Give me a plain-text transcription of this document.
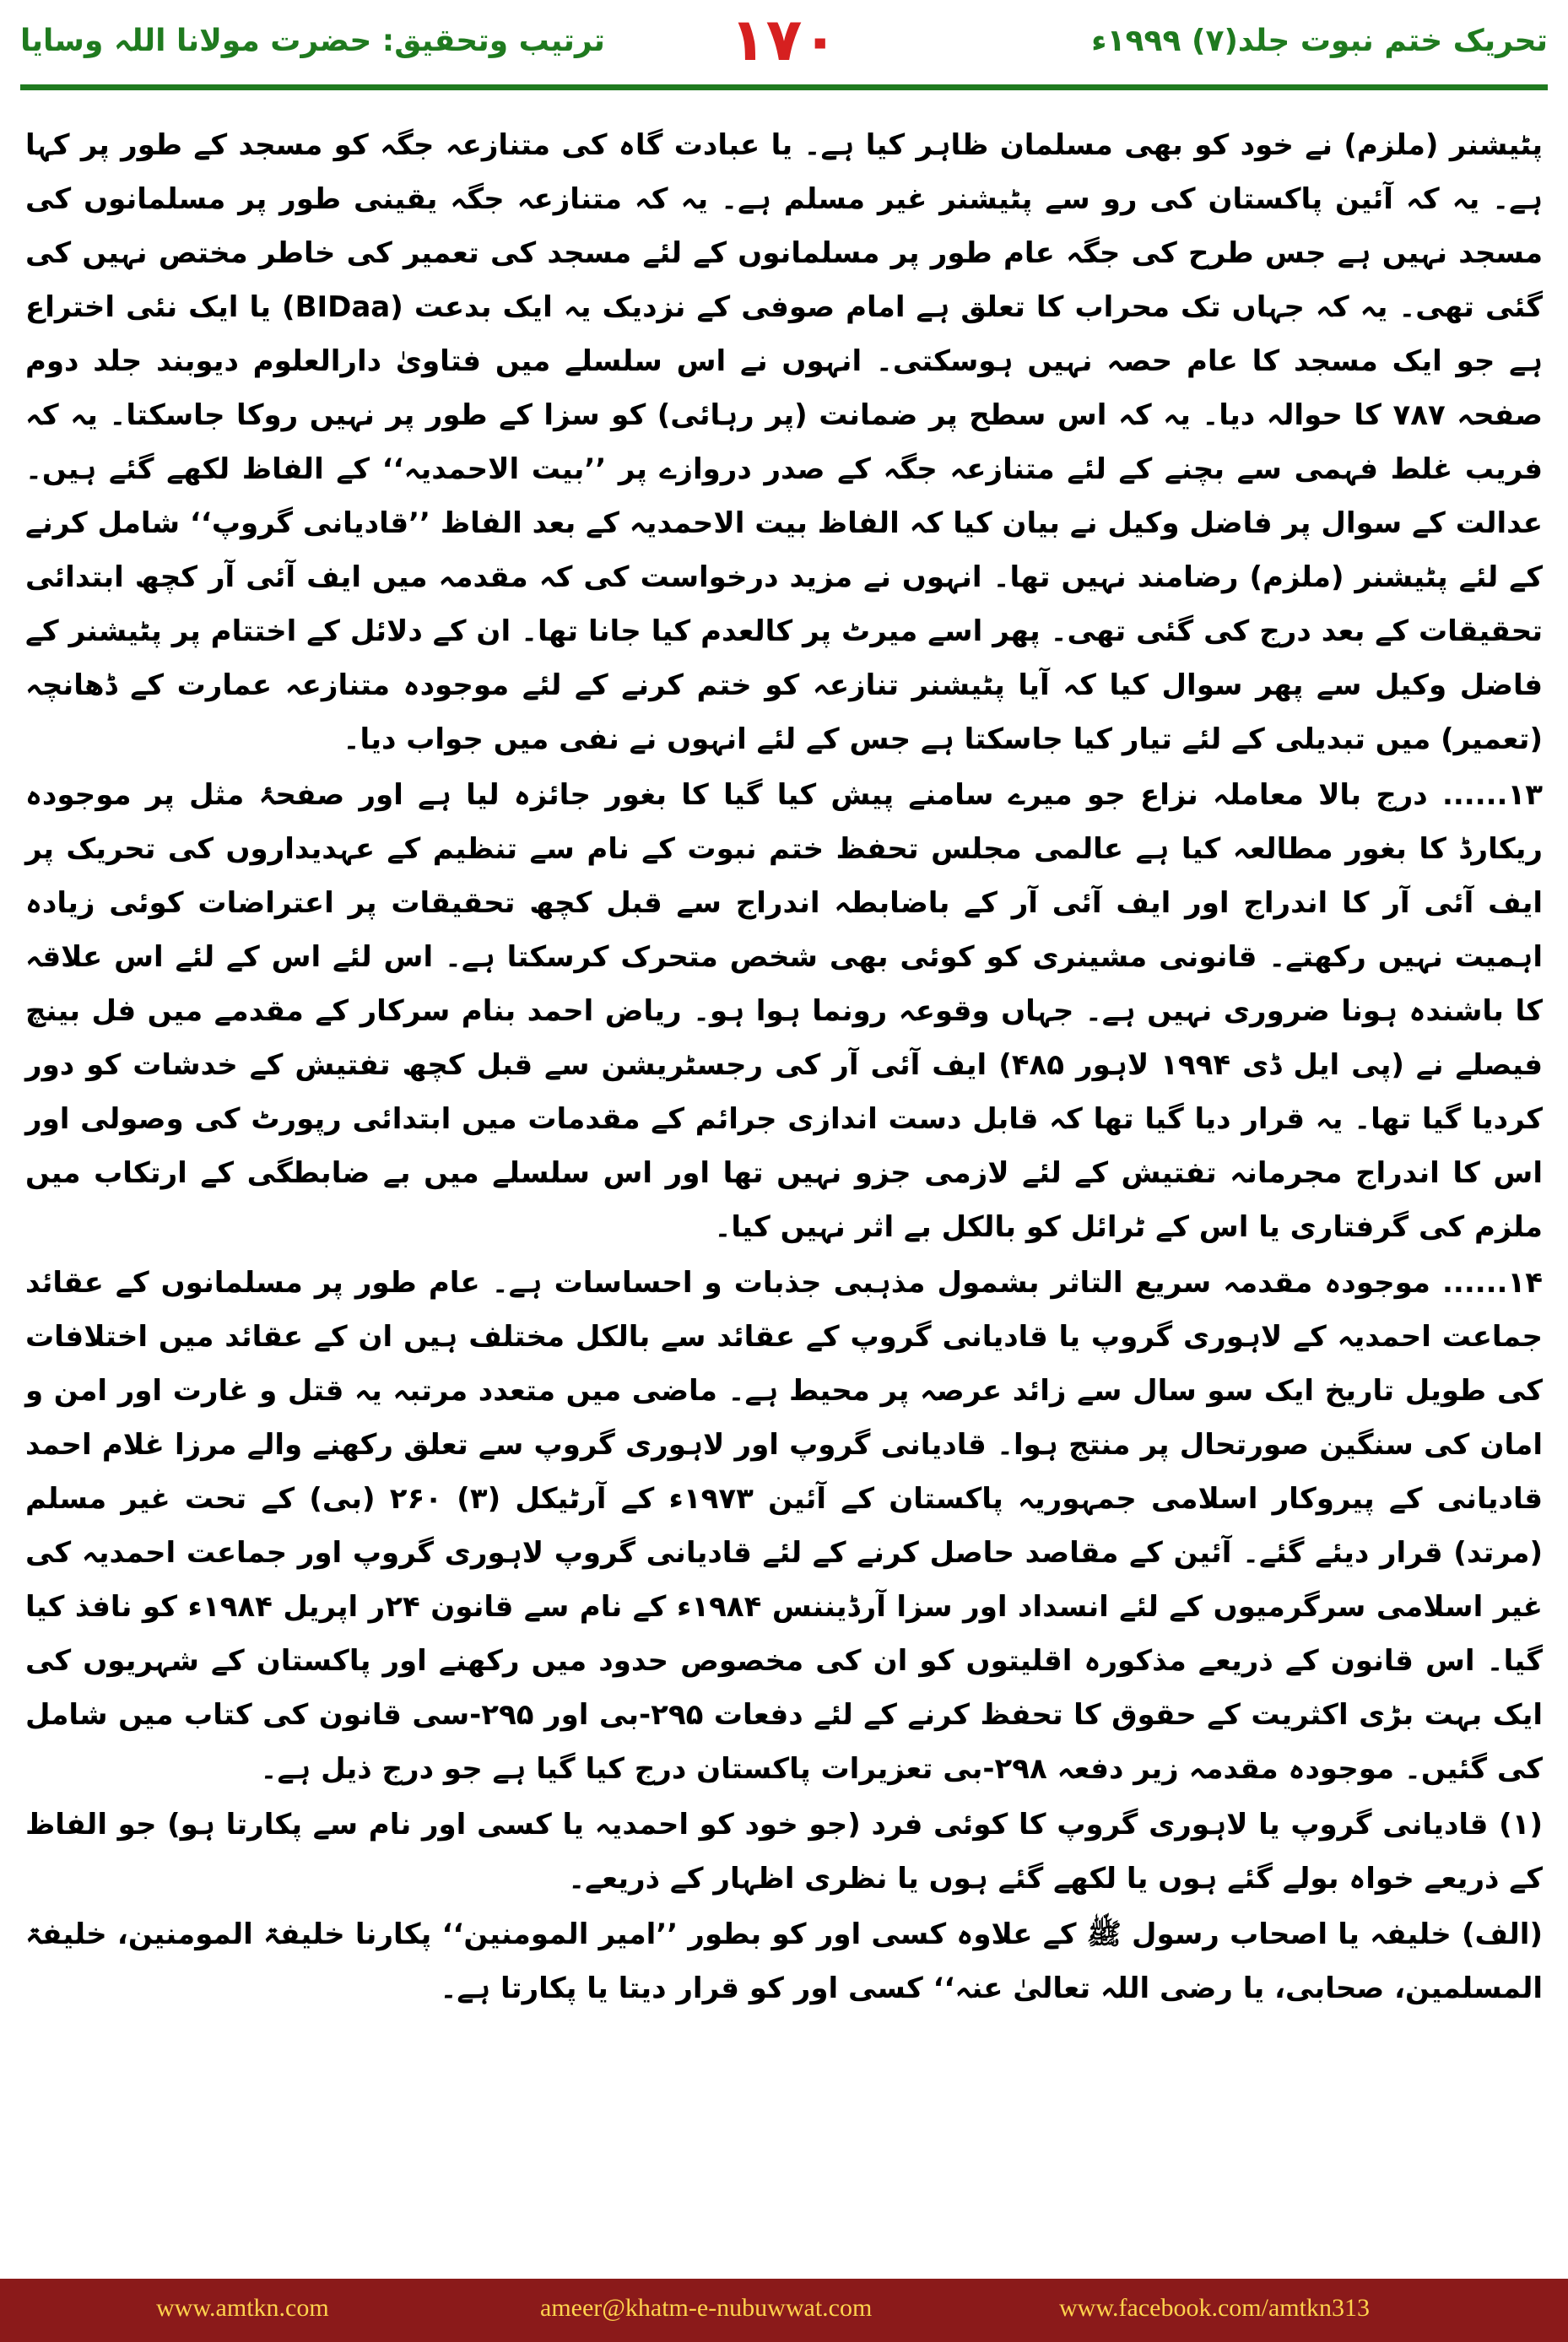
ترتیب وتحقیق: حضرت مولانا اللہ وسایا	۱۷۰	تحریک ختم نبوت جلد(۷) ۱۹۹۹ء

پٹیشنر (ملزم) نے خود کو بھی مسلمان ظاہر کیا ہے۔ یا عبادت گاہ کی متنازعہ جگہ کو مسجد کے طور پر کہا ہے۔ یہ کہ آئین پاکستان کی رو سے پٹیشنر غیر مسلم ہے۔ یہ کہ متنازعہ جگہ یقینی طور پر مسلمانوں کی مسجد نہیں ہے جس طرح کی جگہ عام طور پر مسلمانوں کے لئے مسجد کی تعمیر کی خاطر مختص نہیں کی گئی تھی۔ یہ کہ جہاں تک محراب کا تعلق ہے امام صوفی کے نزدیک یہ ایک بدعت (BIDaa) یا ایک نئی اختراع ہے جو ایک مسجد کا عام حصہ نہیں ہوسکتی۔ انہوں نے اس سلسلے میں فتاویٰ دارالعلوم دیوبند جلد دوم صفحہ ۷۸۷ کا حوالہ دیا۔ یہ کہ اس سطح پر ضمانت (پر رہائی) کو سزا کے طور پر نہیں روکا جاسکتا۔ یہ کہ فریب غلط فہمی سے بچنے کے لئے متنازعہ جگہ کے صدر دروازے پر ’’بیت الاحمدیہ‘‘ کے الفاظ لکھے گئے ہیں۔ عدالت کے سوال پر فاضل وکیل نے بیان کیا کہ الفاظ بیت الاحمدیہ کے بعد الفاظ ’’قادیانی گروپ‘‘ شامل کرنے کے لئے پٹیشنر (ملزم) رضامند نہیں تھا۔ انہوں نے مزید درخواست کی کہ مقدمہ میں ایف آئی آر کچھ ابتدائی تحقیقات کے بعد درج کی گئی تھی۔ پھر اسے میرٹ پر کالعدم کیا جانا تھا۔ ان کے دلائل کے اختتام پر پٹیشنر کے فاضل وکیل سے پھر سوال کیا کہ آیا پٹیشنر تنازعہ کو ختم کرنے کے لئے موجودہ متنازعہ عمارت کے ڈھانچہ (تعمیر) میں تبدیلی کے لئے تیار کیا جاسکتا ہے جس کے لئے انہوں نے نفی میں جواب دیا۔

۱۳...... درج بالا معاملہ نزاع جو میرے سامنے پیش کیا گیا کا بغور جائزہ لیا ہے اور صفحۂ مثل پر موجودہ ریکارڈ کا بغور مطالعہ کیا ہے عالمی مجلس تحفظ ختم نبوت کے نام سے تنظیم کے عہدیداروں کی تحریک پر ایف آئی آر کا اندراج اور ایف آئی آر کے باضابطہ اندراج سے قبل کچھ تحقیقات پر اعتراضات کوئی زیادہ اہمیت نہیں رکھتے۔ قانونی مشینری کو کوئی بھی شخص متحرک کرسکتا ہے۔ اس لئے اس کے لئے اس علاقہ کا باشندہ ہونا ضروری نہیں ہے۔ جہاں وقوعہ رونما ہوا ہو۔ ریاض احمد بنام سرکار کے مقدمے میں فل بینچ فیصلے نے (پی ایل ڈی ۱۹۹۴ لاہور ۴۸۵) ایف آئی آر کی رجسٹریشن سے قبل کچھ تفتیش کے خدشات کو دور کردیا گیا تھا۔ یہ قرار دیا گیا تھا کہ قابل دست اندازی جرائم کے مقدمات میں ابتدائی رپورٹ کی وصولی اور اس کا اندراج مجرمانہ تفتیش کے لئے لازمی جزو نہیں تھا اور اس سلسلے میں بے ضابطگی کے ارتکاب میں ملزم کی گرفتاری یا اس کے ٹرائل کو بالکل بے اثر نہیں کیا۔

۱۴...... موجودہ مقدمہ سریع التاثر بشمول مذہبی جذبات و احساسات ہے۔ عام طور پر مسلمانوں کے عقائد جماعت احمدیہ کے لاہوری گروپ یا قادیانی گروپ کے عقائد سے بالکل مختلف ہیں ان کے عقائد میں اختلافات کی طویل تاریخ ایک سو سال سے زائد عرصہ پر محیط ہے۔ ماضی میں متعدد مرتبہ یہ قتل و غارت اور امن و امان کی سنگین صورتحال پر منتج ہوا۔ قادیانی گروپ اور لاہوری گروپ سے تعلق رکھنے والے مرزا غلام احمد قادیانی کے پیروکار اسلامی جمہوریہ پاکستان کے آئین ۱۹۷۳ء کے آرٹیکل (۳) ۲۶۰ (بی) کے تحت غیر مسلم (مرتد) قرار دیئے گئے۔ آئین کے مقاصد حاصل کرنے کے لئے قادیانی گروپ لاہوری گروپ اور جماعت احمدیہ کی غیر اسلامی سرگرمیوں کے لئے انسداد اور سزا آرڈیننس ۱۹۸۴ء کے نام سے قانون ۲۴ر اپریل ۱۹۸۴ء کو نافذ کیا گیا۔ اس قانون کے ذریعے مذکورہ اقلیتوں کو ان کی مخصوص حدود میں رکھنے اور پاکستان کے شہریوں کی ایک بہت بڑی اکثریت کے حقوق کا تحفظ کرنے کے لئے دفعات ۲۹۵-بی اور ۲۹۵-سی قانون کی کتاب میں شامل کی گئیں۔ موجودہ مقدمہ زیر دفعہ ۲۹۸-بی تعزیرات پاکستان درج کیا گیا ہے جو درج ذیل ہے۔

(۱) قادیانی گروپ یا لاہوری گروپ کا کوئی فرد (جو خود کو احمدیہ یا کسی اور نام سے پکارتا ہو) جو الفاظ کے ذریعے خواہ بولے گئے ہوں یا لکھے گئے ہوں یا نظری اظہار کے ذریعے۔

(الف) خلیفہ یا اصحاب رسول ﷺ کے علاوہ کسی اور کو بطور ’’امیر المومنین‘‘ پکارنا خلیفۃ المومنین، خلیفۃ المسلمین، صحابی، یا رضی اللہ تعالیٰ عنہ‘‘ کسی اور کو قرار دیتا یا پکارتا ہے۔

www.amtkn.com	ameer@khatm-e-nubuwwat.com	www.facebook.com/amtkn313
